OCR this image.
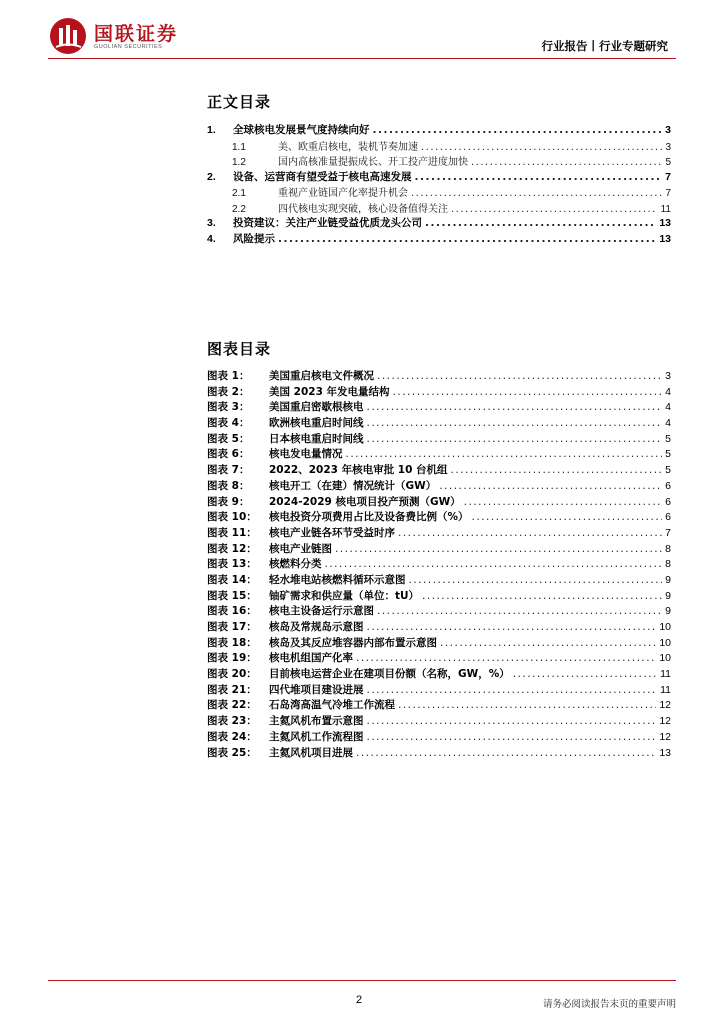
国联证券
GUOLIAN SECURITIES	行业报告丨行业专题研究
正文目录
1.	全球核电发展景气度持续向好 .....	3
1.1	美、欧重启核电，装机节奏加速 .....	3
1.2	国内高核准量提振成长、开工投产进度加快 .....	5
2.	设备、运营商有望受益于核电高速发展 .....	7
2.1	重视产业链国产化率提升机会 .....	7
2.2	四代核电实现突破，核心设备值得关注 .....	11
3.	投资建议：关注产业链受益优质龙头公司 .....	13
4.	风险提示 .....	13
图表目录
图表 1：	美国重启核电文件概况 .....	3
图表 2：	美国 2023 年发电量结构 .....	4
图表 3：	美国重启密歇根核电 .....	4
图表 4：	欧洲核电重启时间线 .....	4
图表 5：	日本核电重启时间线 .....	5
图表 6：	核电发电量情况 .....	5
图表 7：	2022、2023 年核电审批 10 台机组 .....	5
图表 8：	核电开工（在建）情况统计（GW） .....	6
图表 9：	2024-2029 核电项目投产预测（GW） .....	6
图表 10：	核电投资分项费用占比及设备费比例（%） .....	6
图表 11：	核电产业链各环节受益时序 .....	7
图表 12：	核电产业链图 .....	8
图表 13：	核燃料分类 .....	8
图表 14：	轻水堆电站核燃料循环示意图 .....	9
图表 15：	铀矿需求和供应量（单位：tU） .....	9
图表 16：	核电主设备运行示意图 .....	9
图表 17：	核岛及常规岛示意图 .....	10
图表 18：	核岛及其反应堆容器内部布置示意图 .....	10
图表 19：	核电机组国产化率 .....	10
图表 20：	目前核电运营企业在建项目份额（名称，GW，%） .....	11
图表 21：	四代堆项目建设进展 .....	11
图表 22：	石岛湾高温气冷堆工作流程 .....	12
图表 23：	主氦风机布置示意图 .....	12
图表 24：	主氦风机工作流程图 .....	12
图表 25：	主氦风机项目进展 .....	13
2	请务必阅读报告末页的重要声明
